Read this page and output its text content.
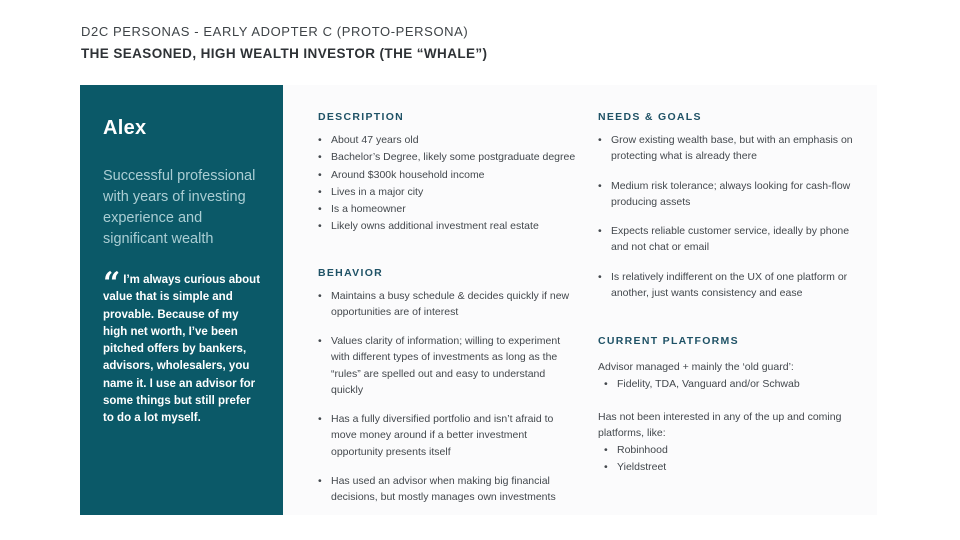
D2C PERSONAS - EARLY ADOPTER C (PROTO-PERSONA)
THE SEASONED, HIGH WEALTH INVESTOR (THE “WHALE”)
Alex

Successful professional with years of investing experience and significant wealth

“ I’m always curious about value that is simple and provable. Because of my high net worth, I’ve been pitched offers by bankers, advisors, wholesalers, you name it. I use an advisor for some things but still prefer to do a lot myself.

DESCRIPTION
• About 47 years old
• Bachelor’s Degree, likely some postgraduate degree
• Around $300k household income
• Lives in a major city
• Is a homeowner
• Likely owns additional investment real estate
BEHAVIOR
• Maintains a busy schedule & decides quickly if new opportunities are of interest
• Values clarity of information; willing to experiment with different types of investments as long as the “rules” are spelled out and easy to understand quickly
• Has a fully diversified portfolio and isn’t afraid to move money around if a better investment opportunity presents itself
• Has used an advisor when making big financial decisions, but mostly manages own investments
NEEDS & GOALS
• Grow existing wealth base, but with an emphasis on protecting what is already there
• Medium risk tolerance; always looking for cash-flow producing assets
• Expects reliable customer service, ideally by phone and not chat or email
• Is relatively indifferent on the UX of one platform or another, just wants consistency and ease
CURRENT PLATFORMS

Advisor managed + mainly the ‘old guard’:

• Fidelity, TDA, Vanguard and/or Schwab

Has not been interested in any of the up and coming platforms, like:

• Robinhood
• Yieldstreet
